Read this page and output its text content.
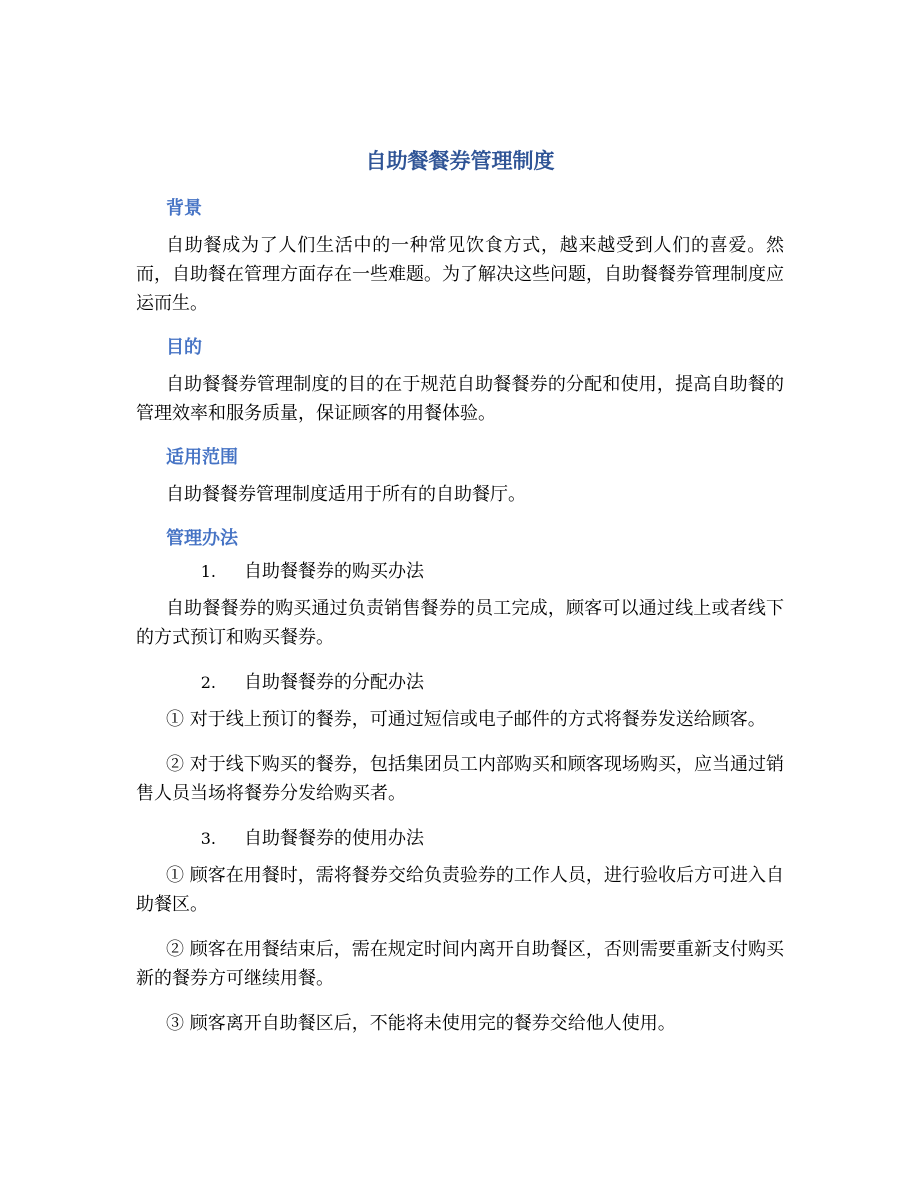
自助餐餐券管理制度
背景

自助餐成为了人们生活中的一种常见饮食方式，越来越受到人们的喜爱。然而，自助餐在管理方面存在一些难题。为了解决这些问题，自助餐餐券管理制度应运而生。

目的

自助餐餐券管理制度的目的在于规范自助餐餐券的分配和使用，提高自助餐的管理效率和服务质量，保证顾客的用餐体验。

适用范围

自助餐餐券管理制度适用于所有的自助餐厅。

管理办法
1.	自助餐餐券的购买办法

自助餐餐券的购买通过负责销售餐券的员工完成，顾客可以通过线上或者线下的方式预订和购买餐券。

2.	自助餐餐券的分配办法

① 对于线上预订的餐券，可通过短信或电子邮件的方式将餐券发送给顾客。

② 对于线下购买的餐券，包括集团员工内部购买和顾客现场购买，应当通过销售人员当场将餐券分发给购买者。

3.	自助餐餐券的使用办法

① 顾客在用餐时，需将餐券交给负责验券的工作人员，进行验收后方可进入自助餐区。

② 顾客在用餐结束后，需在规定时间内离开自助餐区，否则需要重新支付购买新的餐券方可继续用餐。

③ 顾客离开自助餐区后，不能将未使用完的餐券交给他人使用。
